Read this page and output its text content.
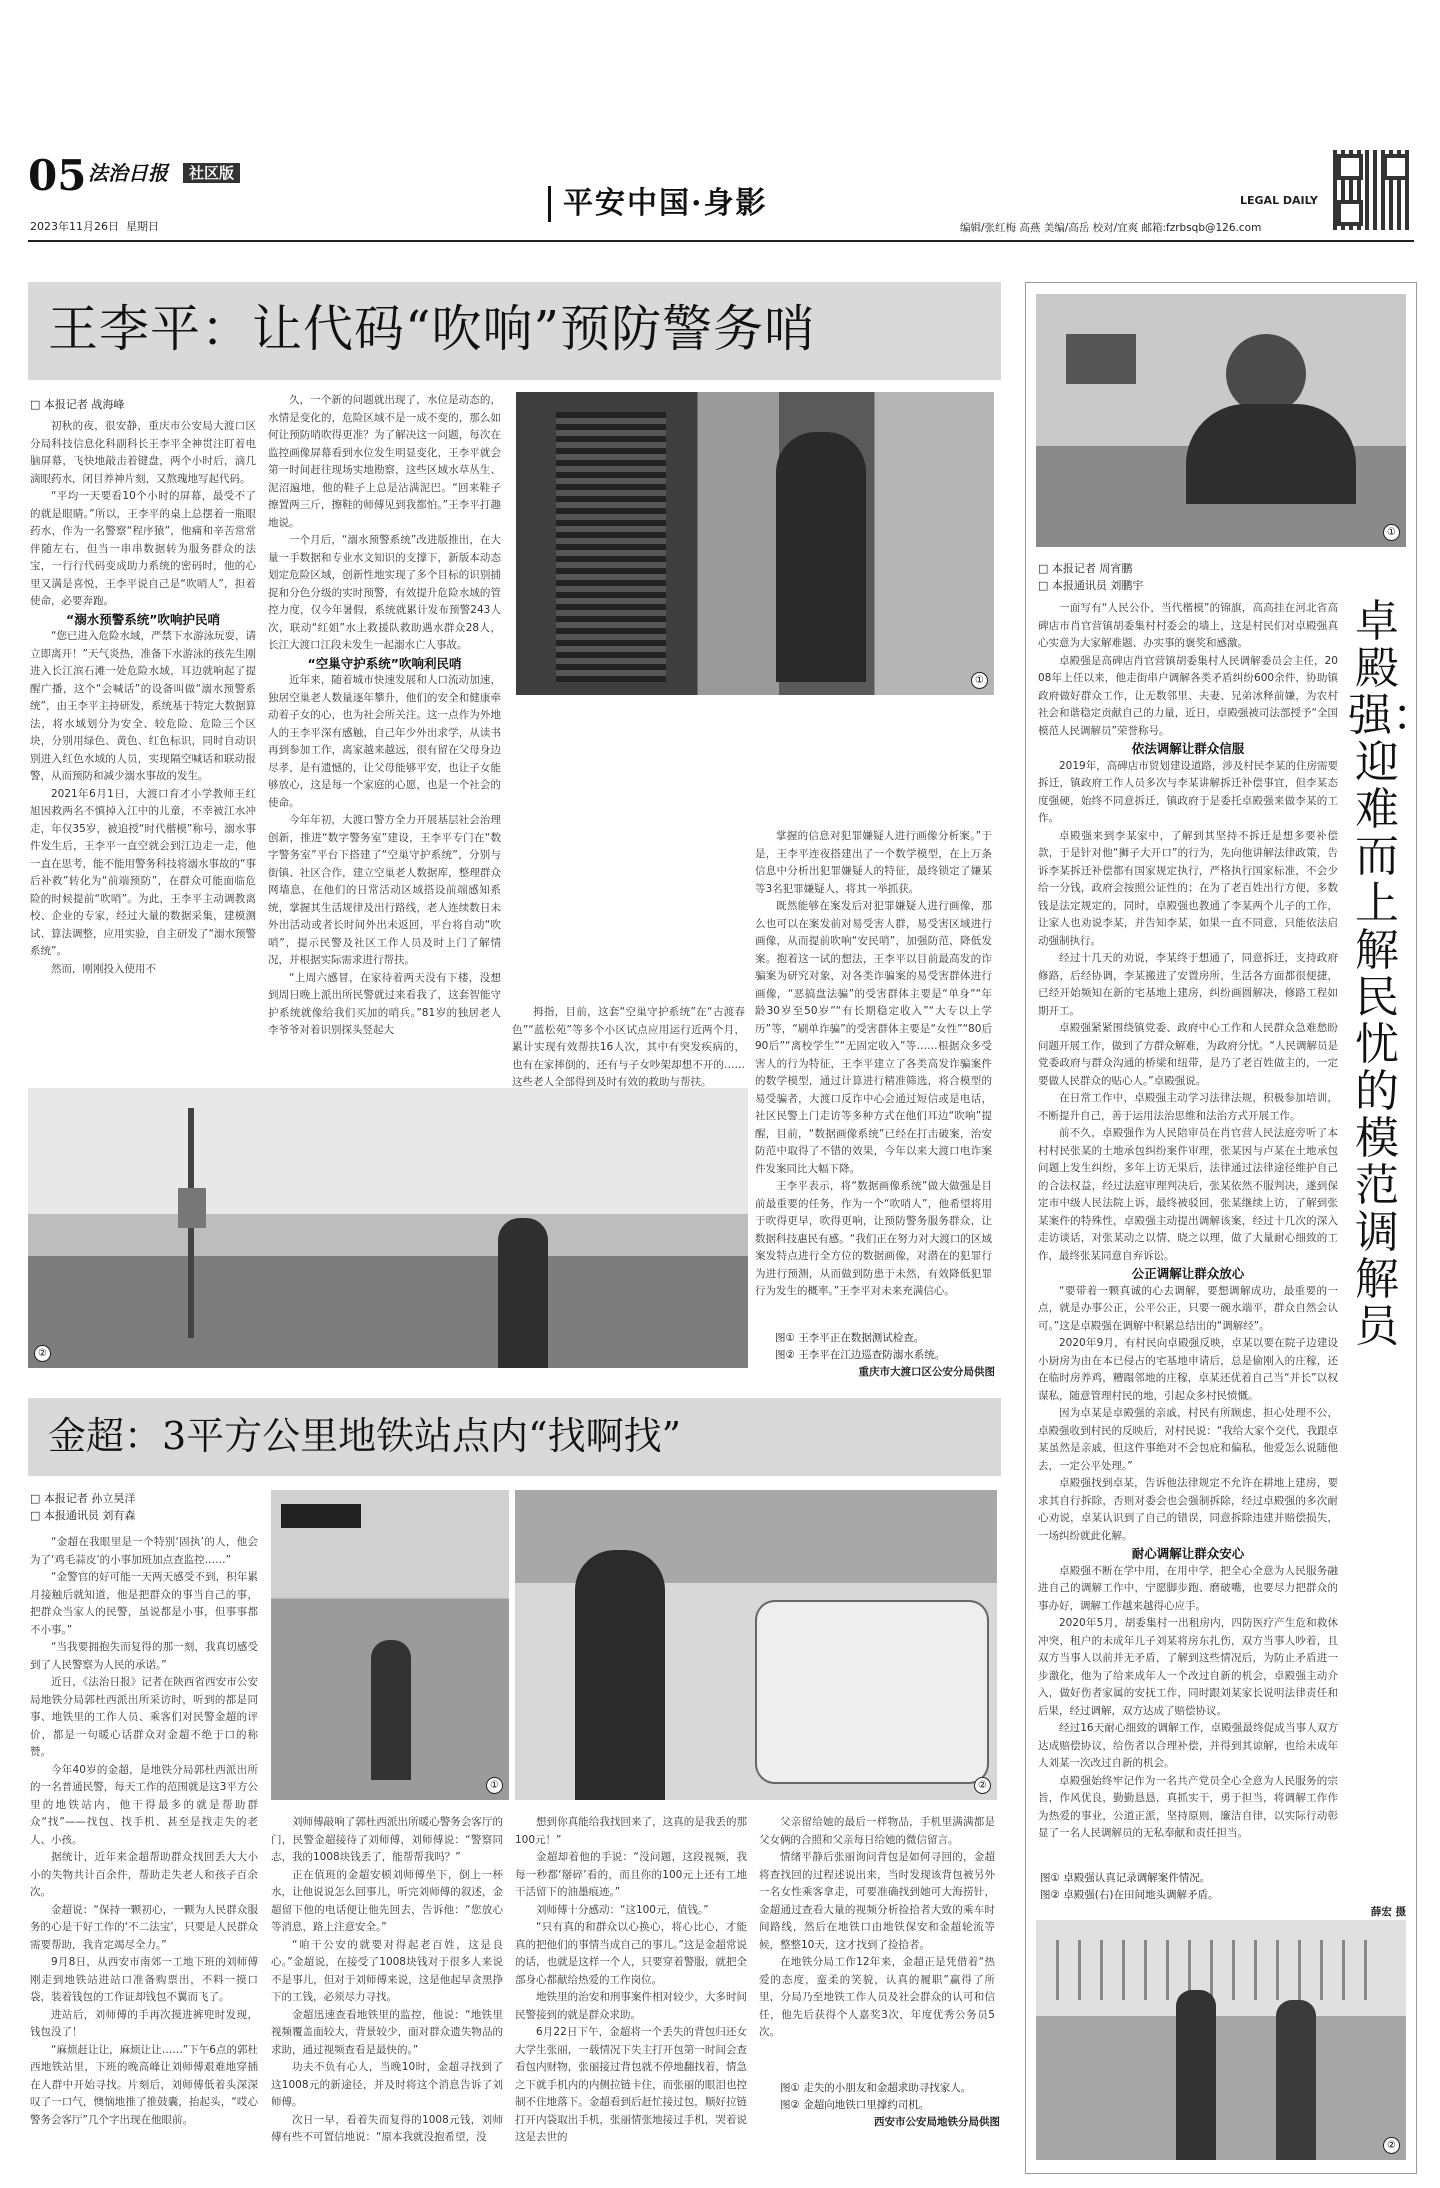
05 法治日报	社区版
2023年11月26日 星期日
平安中国·身影	LEGAL DAILY
编辑/张红梅 高燕 美编/高岳 校对/宜爽 邮箱:fzrbsqb@126.com
王李平：让代码“吹响”预防警务哨
□ 本报记者 战海峰

初秋的夜，很安静，重庆市公安局大渡口区分局科技信息化科副科长王李平全神贯注盯着电脑屏幕，飞快地敲击着键盘，两个小时后，滴几滴眼药水，闭目养神片刻，又熬瑰地写起代码。

“平均一天要看10个小时的屏幕，最受不了的就是眼睛。”所以，王李平的桌上总摆着一瓶眼药水，作为一名警察“程序猿”，他痛和辛苦常常伴随左右，但当一串串数据转为服务群众的法宝，一行行代码变成助力系统的密码时，他的心里又满是喜悦，王李平说自己是“吹哨人”，担着使命，必要奔跑。

“溺水预警系统”吹响护民哨

“您已进入危险水域，严禁下水游泳玩耍，请立即离开！”天气炎热，准备下水游泳的孩先生刚进入长江滨石滩一处危险水域，耳边就响起了提醒广播，这个“会喊话”的设备叫做“溺水预警系统”，由王李平主持研发，系统基于特定大数据算法，将水域划分为安全、较危险、危险三个区块，分别用绿色、黄色、红色标识，同时自动识别进入红色水域的人员，实现隔空喊话和联动报警，从而预防和减少溺水事故的发生。

2021年6月1日，大渡口育才小学教师王红旭因救两名不慎掉入江中的儿童，不幸被江水冲走，年仅35岁，被追授“时代楷模”称号，溺水事件发生后，王李平一直空就会到江边走一走，他一直在思考，能不能用警务科技将溺水事故的“事后补救”转化为“前端预防”，在群众可能面临危险的时候提前“吹哨”。为此，王李平主动调教离校、企业的专家，经过大量的数据采集，建模测试、算法调整，应用实验，自主研发了“溺水预警系统”。

然而，刚刚投入使用不

久，一个新的问题就出现了，水位是动态的，水情是变化的，危险区域不是一成不变的，那么如何让预防哨吹得更准？为了解决这一问题，每次在监控画像屏幕看到水位发生明显变化，王李平就会第一时间赶往现场实地勘察，这些区域水草丛生、泥沼遍地，他的鞋子上总是沾满泥巴。“回来鞋子擦置两三斤，擦鞋的师傅见到我都怕。”王李平打趣地说。

一个月后，“溺水预警系统”改进版推出，在大量一手数据和专业水文知识的支撑下，新版本动态划定危险区域，创新性地实现了多个目标的识别捕捉和分色分级的实时预警，有效提升危险水域的管控力度，仅今年暑假，系统就累计发布预警243人次，联动“红姐”水上救援队救助遇水群众28人，长江大渡口江段未发生一起溺水亡人事故。

“空巢守护系统”吹响利民哨

近年来，随着城市快速发展和人口流动加速，独居空巢老人数量逐年攀升，他们的安全和健康牵动着子女的心，也为社会所关注。这一点作为外地人的王李平深有感触，自己年少外出求学，从读书再到参加工作，离家越来越远，很有留在父母身边尽孝，是有遗憾的，让父母能够平安，也让子女能够放心，这是每一个家庭的心愿，也是一个社会的使命。

今年年初，大渡口警方全力开展基层社会治理创新，推进“数字警务室”建设，王李平专门在“数字警务室”平台下搭建了“空巢守护系统”，分别与街镇、社区合作，建立空巢老人数据库，整理群众网墙息，在他们的日常活动区域搭设前端感知系统，掌握其生活规律及出行路线，老人连续数日未外出活动或者长时间外出未返回，平台将自动“吹哨”，提示民警及社区工作人员及时上门了解情况，并根据实际需求进行帮扶。

“上周六感冒，在家待着两天没有下楼，没想到周日晚上派出所民警就过来看我了，这套智能守护系统就像给我们买加的哨兵。”81岁的独居老人李爷爷对着识别探头竖起大

拇指，目前，这套“空巢守护系统”在“古渡春色”“蓝松苑”等多个小区试点应用运行近两个月，累计实现有效帮扶16人次，其中有突发疾病的，也有在家摔倒的，还有与子女吵架却想不开的……这些老人全部得到及时有效的救助与帮扶。

掌握的信息对犯罪嫌疑人进行画像分析案。”于是，王李平连夜搭建出了一个数学模型，在上万条信息中分析出犯罪嫌疑人的特征，最终锁定了嫌某等3名犯罪嫌疑人，将其一举抓获。

既然能够在案发后对犯罪嫌疑人进行画像，那么也可以在案发前对易受害人群，易受害区域进行画像，从而提前吹响“安民哨”，加强防范，降低发案。抱着这一试的想法，王李平以目前最高发的诈骗案为研究对象，对各类诈骗案的易受害群体进行画像，“恶搞盘法骗”的受害群体主要是“单身”“年龄30岁至50岁”“有长期稳定收入”“大专以上学历”等，“刷单诈骗”的受害群体主要是“女性”“80后90后”“离校学生”“无固定收入”等……根据众多受害人的行为特征，王李平建立了各类高发诈骗案件的数学模型，通过计算进行精准筛选，将合模型的易受骗者，大渡口反诈中心会通过短信或是电话，社区民警上门走访等多种方式在他们耳边“吹响”提醒，目前，“数据画像系统”已经在打击破案，治安防范中取得了不错的效果，今年以来大渡口电诈案件发案同比大幅下降。

王李平表示，将“数据画像系统”做大做强是目前最重要的任务，作为一个“吹哨人”，他希望将用于吹得更早，吹得更响，让预防警务服务群众，让数据科技惠民有感。“我们正在努力对大渡口的区域案发特点进行全方位的数据画像，对潜在的犯罪行为进行预测，从而做到防患于未然，有效降低犯罪行为发生的概率。”王李平对未来充满信心。

①
②
图① 王李平正在数据测试检查。
图② 王李平在江边巡查防溺水系统。
重庆市大渡口区公安分局供图
金超：3平方公里地铁站点内“找啊找”
□ 本报记者 孙立昊洋
□ 本报通讯员 刘有森

“金超在我眼里是一个特别‘固执’的人，他会为了‘鸡毛蒜皮’的小事加班加点查监控……”

“金警官的好可能一天两天感受不到，积年累月接触后就知道，他是把群众的事当自己的事，把群众当家人的民警，虽说都是小事，但事事都不小事。”

“当我要拥抱失而复得的那一刻，我真切感受到了人民警察为人民的承诺。”

近日，《法治日报》记者在陕西省西安市公安局地铁分局郭杜西派出所采访时，听到的都是同事、地铁里的工作人员、乘客们对民警金超的评价，都是一句暖心话群众对金超不绝于口的称赞。

今年40岁的金超，是地铁分局郭杜西派出所的一名普通民警，每天工作的范围就是这3平方公里的地铁站内，他干得最多的就是帮助群众“找”——找包、找手机、甚至是找走失的老人、小孩。

据统计，近年来金超帮助群众找回丢大大小小的失物共计百余件，帮助走失老人和孩子百余次。

金超说：“保持一颗初心，一颗为人民群众服务的心是干好工作的‘不二法宝’，只要是人民群众需要帮助，我肯定竭尽全力。”

9月8日，从西安市南郊一工地下班的刘师傅刚走到地铁站进站口准备购票出，不料一摸口袋，装着钱包的工作证却钱包不翼而飞了。

进站后，刘师傅的手再次摸进裤兜时发现，钱包没了！

“麻烦赶让让，麻烦让让……”下午6点的郭杜西地铁站里，下班的晚高峰让刘师傅艰难地穿插在人群中开始寻找。片刻后，刘师傅低着头深深叹了一口气，懊恼地推了推鼓囊，抬起头，“哎心警务会客厅”几个字出现在他眼前。

刘师傅敲响了郭杜西派出所暖心警务会客厅的门，民警金超接待了刘师傅，刘师傅说：“警察同志，我的1008块钱丢了，能帮帮我吗？”

正在值班的金超安顿刘师傅坐下，倒上一杯水，让他说说怎么回事儿，听完刘师傅的叙述，金超留下他的电话便让他先回去，告诉他：“您放心等消息，路上注意安全。”

“咱干公安的就要对得起老百姓，这是良心。”金超说，在接受了1008块钱对于很多人来说不是事儿，但对于刘师傅来说，这是他起早贪黑挣下的工钱，必须尽力寻找。

金超迅速查看地铁里的监控，他说：“地铁里视频覆盖面较大，背景较少，面对群众遗失物品的求助，通过视频查看是最快的。”

功夫不负有心人，当晚10时，金超寻找到了这1008元的新途径，并及时将这个消息告诉了刘师傅。

次日一早，看着失而复得的1008元钱，刘师傅有些不可置信地说：“原本我就没抱希望，没

想到你真能给我找回来了，这真的是我丢的那100元！”

金超却着他的手说：“没问题，这段视频，我每一秒都‘掰碎’看的，而且你的100元上还有工地干活留下的油墨痕迹。”

刘师傅十分感动：“这100元，值钱。”

“只有真的和群众以心换心，将心比心，才能真的把他们的事情当成自己的事儿。”这是金超常说的话，也就是这样一个人，只要穿着警服，就把全部身心都献给热爱的工作岗位。

地铁里的治安和刑事案件相对较少，大多时间民警接到的就是群众求助。

6月22日下午，金超将一个丢失的背包归还女大学生张丽，一载情况下失主打开包第一时间会查看包内财物，张丽接过背包就不停地翻找着，情急之下就手机内的内侧拉链卡住，而张丽的眼泪也控制不住地落下。金超看到后赶忙接过包，顺好拉链打开内袋取出手机，张丽情张地接过手机，哭着说这是去世的

父亲留给她的最后一样物品，手机里满满都是父女俩的合照和父亲每日给她的微信留言。

情绪平静后张丽询问背包是如何寻回的，金超将查找回的过程述说出来，当时发现该背包被另外一名女性乘客拿走，可要准确找到她可大海捞针，金超通过查看大量的视频分析捡拾者大致的乘车时间路线，然后在地铁口由地铁保安和金超轮流等候，整整10天，这才找到了捡拾者。

在地铁分局工作12年来，金超正是凭借着“热爱的态度，蛮柔的笑貌，认真的履职”赢得了所里，分局乃至地铁工作人员及社会群众的认可和信任，他先后获得个人嘉奖3次，年度优秀公务员5次。

①	②
图① 走失的小朋友和金超求助寻找家人。
图② 金超向地铁口里撑约司机。
西安市公安局地铁分局供图
①
□ 本报记者 周宵鹏
□ 本报通讯员 刘鹏宇
卓殿强：迎难而上解民忧的模范调解员

一面写有“人民公仆，当代楷模”的锦旗，高高挂在河北省高碑店市肖官营镇胡委集村村委会的墙上，这是村民们对卓殿强真心实意为大家解难题、办实事的褒奖和感激。

卓殿强是高碑店肖官营镇胡委集村人民调解委员会主任，2008年上任以来，他走街串户调解各类矛盾纠纷600余件，协助镇政府做好群众工作，让无数邻里、夫妻、兄弟冰释前嫌，为农村社会和谐稳定贡献自己的力量，近日，卓殿强被司法部授予“全国模范人民调解员”荣誉称号。

依法调解让群众信服

2019年，高碑店市贸划建设道路，涉及村民李某的住房需要拆迁，镇政府工作人员多次与李某讲解拆迁补偿事宜，但李某态度强硬，始终不同意拆迁，镇政府于是委托卓殿强来做李某的工作。

卓殿强来到李某家中，了解到其坚持不拆迁是想多要补偿款，于是针对他“狮子大开口”的行为，先向他讲解法律政策，告诉李某拆迁补偿都有国家规定执行，严格执行国家标准，不会少给一分钱，政府会按照公证性的；在为了老百姓出行方便，多数钱是法定规定的，同时，卓殿强也教通了李某两个儿子的工作，让家人也劝说李某，并告知李某，如果一直不同意，只能依法启动强制执行。

经过十几天的劝说，李某终于想通了，同意拆迁，支持政府修路，后经协调，李某搬进了安置房所，生活各方面都很便捷，已经开始频知在新的宅基地上建房，纠纷画圆解决，修路工程如期开工。

卓殿强紧紧围绕镇党委、政府中心工作和人民群众急难愁盼问题开展工作，做到了方群众解难，为政府分忧。“人民调解员是党委政府与群众沟通的桥梁和纽带，是乃了老百姓做主的，一定要做人民群众的贴心人。”卓殿强说。

在日常工作中，卓殿强主动学习法律法规，积极参加培训，不断提升自己，善于运用法治思维和法治方式开展工作。

前不久，卓殿强作为人民陪审员在肖官营人民法庭旁听了本村村民张某的土地承包纠纷案件审理，张某因与卢某在土地承包问题上发生纠纷，多年上访无果后，法律通过法律途径维护自己的合法权益，经过法庭审理判决后，张某依然不服判决，遂到保定市中级人民法院上诉，最终被驳回，张某继续上访，了解到张某案件的特殊性，卓殿强主动提出调解该案，经过十几次的深入走访谈话，对张某动之以情、晓之以理，做了大量耐心细致的工作，最终张某同意自弃诉讼。

公正调解让群众放心

“要带着一颗真诚的心去调解，要想调解成功，最重要的一点，就是办事公正，公平公正，只要一碗水端平，群众自然会认可。”这是卓殿强在调解中积累总结出的“调解经”。

2020年9月，有村民向卓殿强反映，卓某以要在院子边建设小厨房为由在本已侵占的宅基地申请后，总是偷刚入的庄稼，还在临时房养鸡，糟蹋邻地的庄稼，卓某还优着自己当“并长”以权谋私，随意管理村民的地，引起众多村民愤慨。

因为卓某是卓殿强的亲戚，村民有所顾虑，担心处理不公，卓殿强收到村民的反映后，对村民说：“我给大家个交代，我跟卓某虽然是亲戚，但这件事绝对不会包庇和偏私，他爱怎么说随他去，一定公平处理。”

卓殿强找到卓某，告诉他法律规定不允许在耕地上建房，要求其自行拆除，否则对委会也会强制拆除，经过卓殿强的多次耐心劝说，卓某认识到了自己的错误，同意拆除违建并赔偿损失，一场纠纷就此化解。

耐心调解让群众安心

卓殿强不断在学中用，在用中学，把全心全意为人民服务融进自己的调解工作中，宁愿脚步跑、磨破嘴，也要尽力把群众的事办好，调解工作越来越得心应手。

2020年5月，胡委集村一出租房内，四防医疗产生危和救休冲突，租户的未成年儿子刘某将房东扎伤，双方当事人吵着，且双方当事人以前并无矛盾，了解到这些情况后，为防止矛盾进一步激化，他为了给来成年人一个改过自新的机会，卓殿强主动介入，做好伤者家属的安抚工作，同时跟刘某家长说明法律责任和后果，经过调解，双方达成了赔偿协议。

经过16天耐心细致的调解工作，卓殿强最终促成当事人双方达成赔偿协议，给伤者以合理补偿，并得到其谅解，也给未成年人刘某一次改过自新的机会。

卓殿强始终牢记作为一名共产党员全心全意为人民服务的宗旨，作风优良，勤勤恳恳，真抓实干，勇于担当，将调解工作作为热爱的事业，公道正派，坚持原则，廉洁自律，以实际行动彰显了一名人民调解员的无私奉献和责任担当。

图① 卓殿强认真记录调解案件情况。
图② 卓殿强(右)在田间地头调解矛盾。
薛宏 摄
②
